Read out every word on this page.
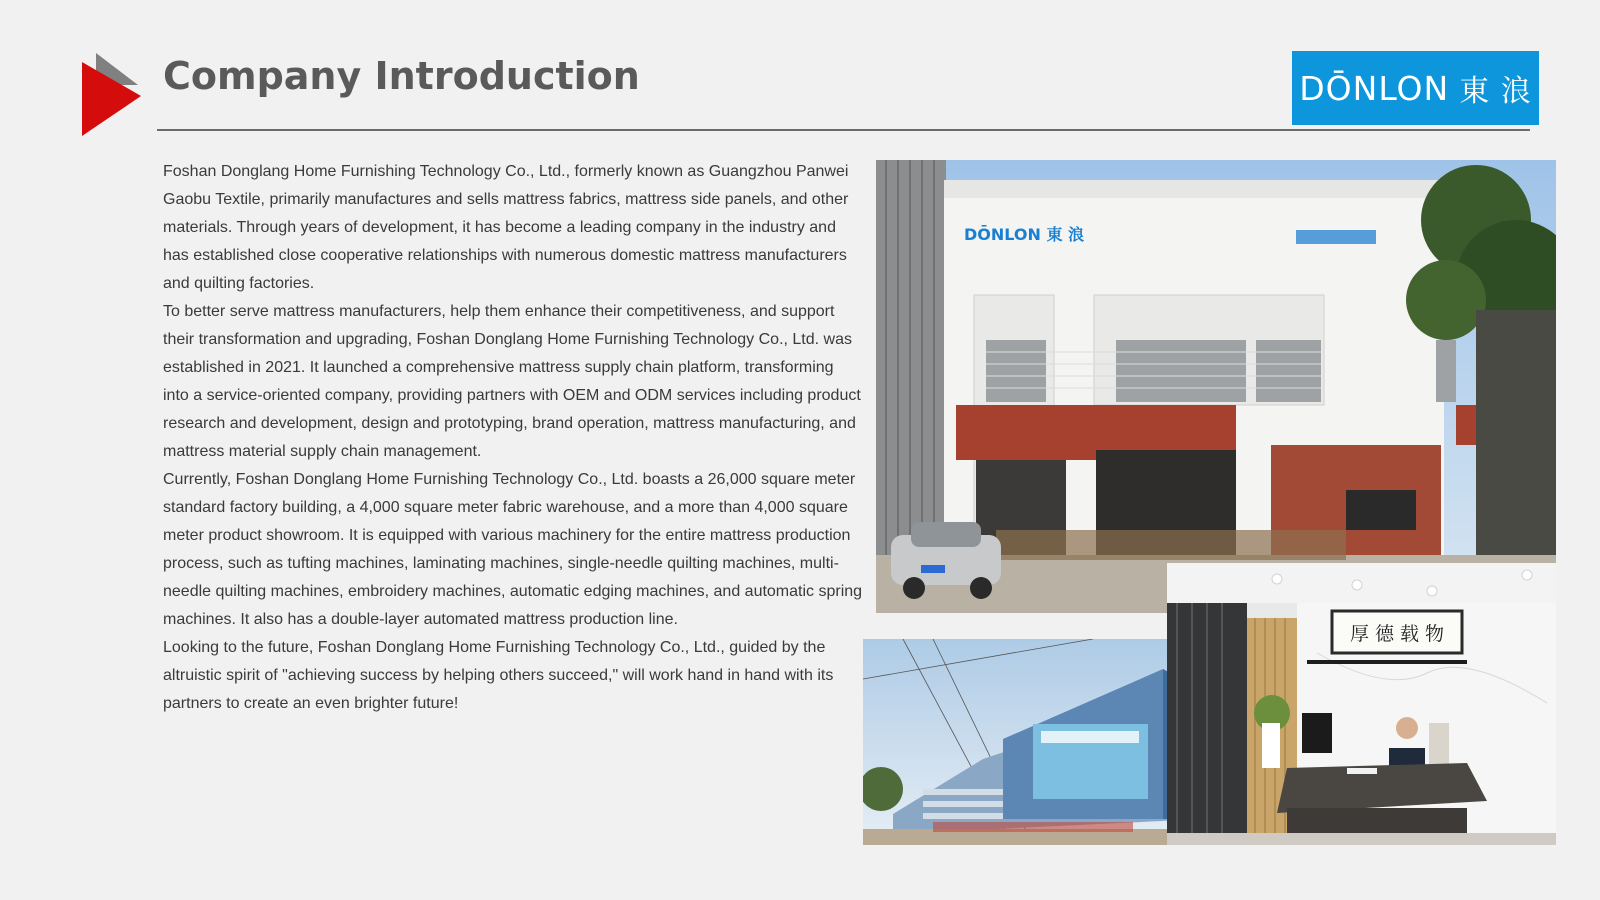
Company Introduction	DŌNLON 東 浪

Foshan Donglang Home Furnishing Technology Co., Ltd., formerly known as Guangzhou Panwei Gaobu Textile, primarily manufactures and sells mattress fabrics, mattress side panels, and other materials. Through years of development, it has become a leading company in the industry and has established close cooperative relationships with numerous domestic mattress manufacturers and quilting factories.

To better serve mattress manufacturers, help them enhance their competitiveness, and support their transformation and upgrading, Foshan Donglang Home Furnishing Technology Co., Ltd. was established in 2021. It launched a comprehensive mattress supply chain platform, transforming into a service-oriented company, providing partners with OEM and ODM services including product research and development, design and prototyping, brand operation, mattress manufacturing, and mattress material supply chain management.

Currently, Foshan Donglang Home Furnishing Technology Co., Ltd. boasts a 26,000 square meter standard factory building, a 4,000 square meter fabric warehouse, and a more than 4,000 square meter product showroom. It is equipped with various machinery for the entire mattress production process, such as tufting machines, laminating machines, single-needle quilting machines, multi-needle quilting machines, embroidery machines, automatic edging machines, and automatic spring machines. It also has a double-layer automated mattress production line.

Looking to the future, Foshan Donglang Home Furnishing Technology Co., Ltd., guided by the altruistic spirit of "achieving success by helping others succeed," will work hand in hand with its partners to create an even brighter future!

DŌNLON 東 浪
厚 德 载 物
